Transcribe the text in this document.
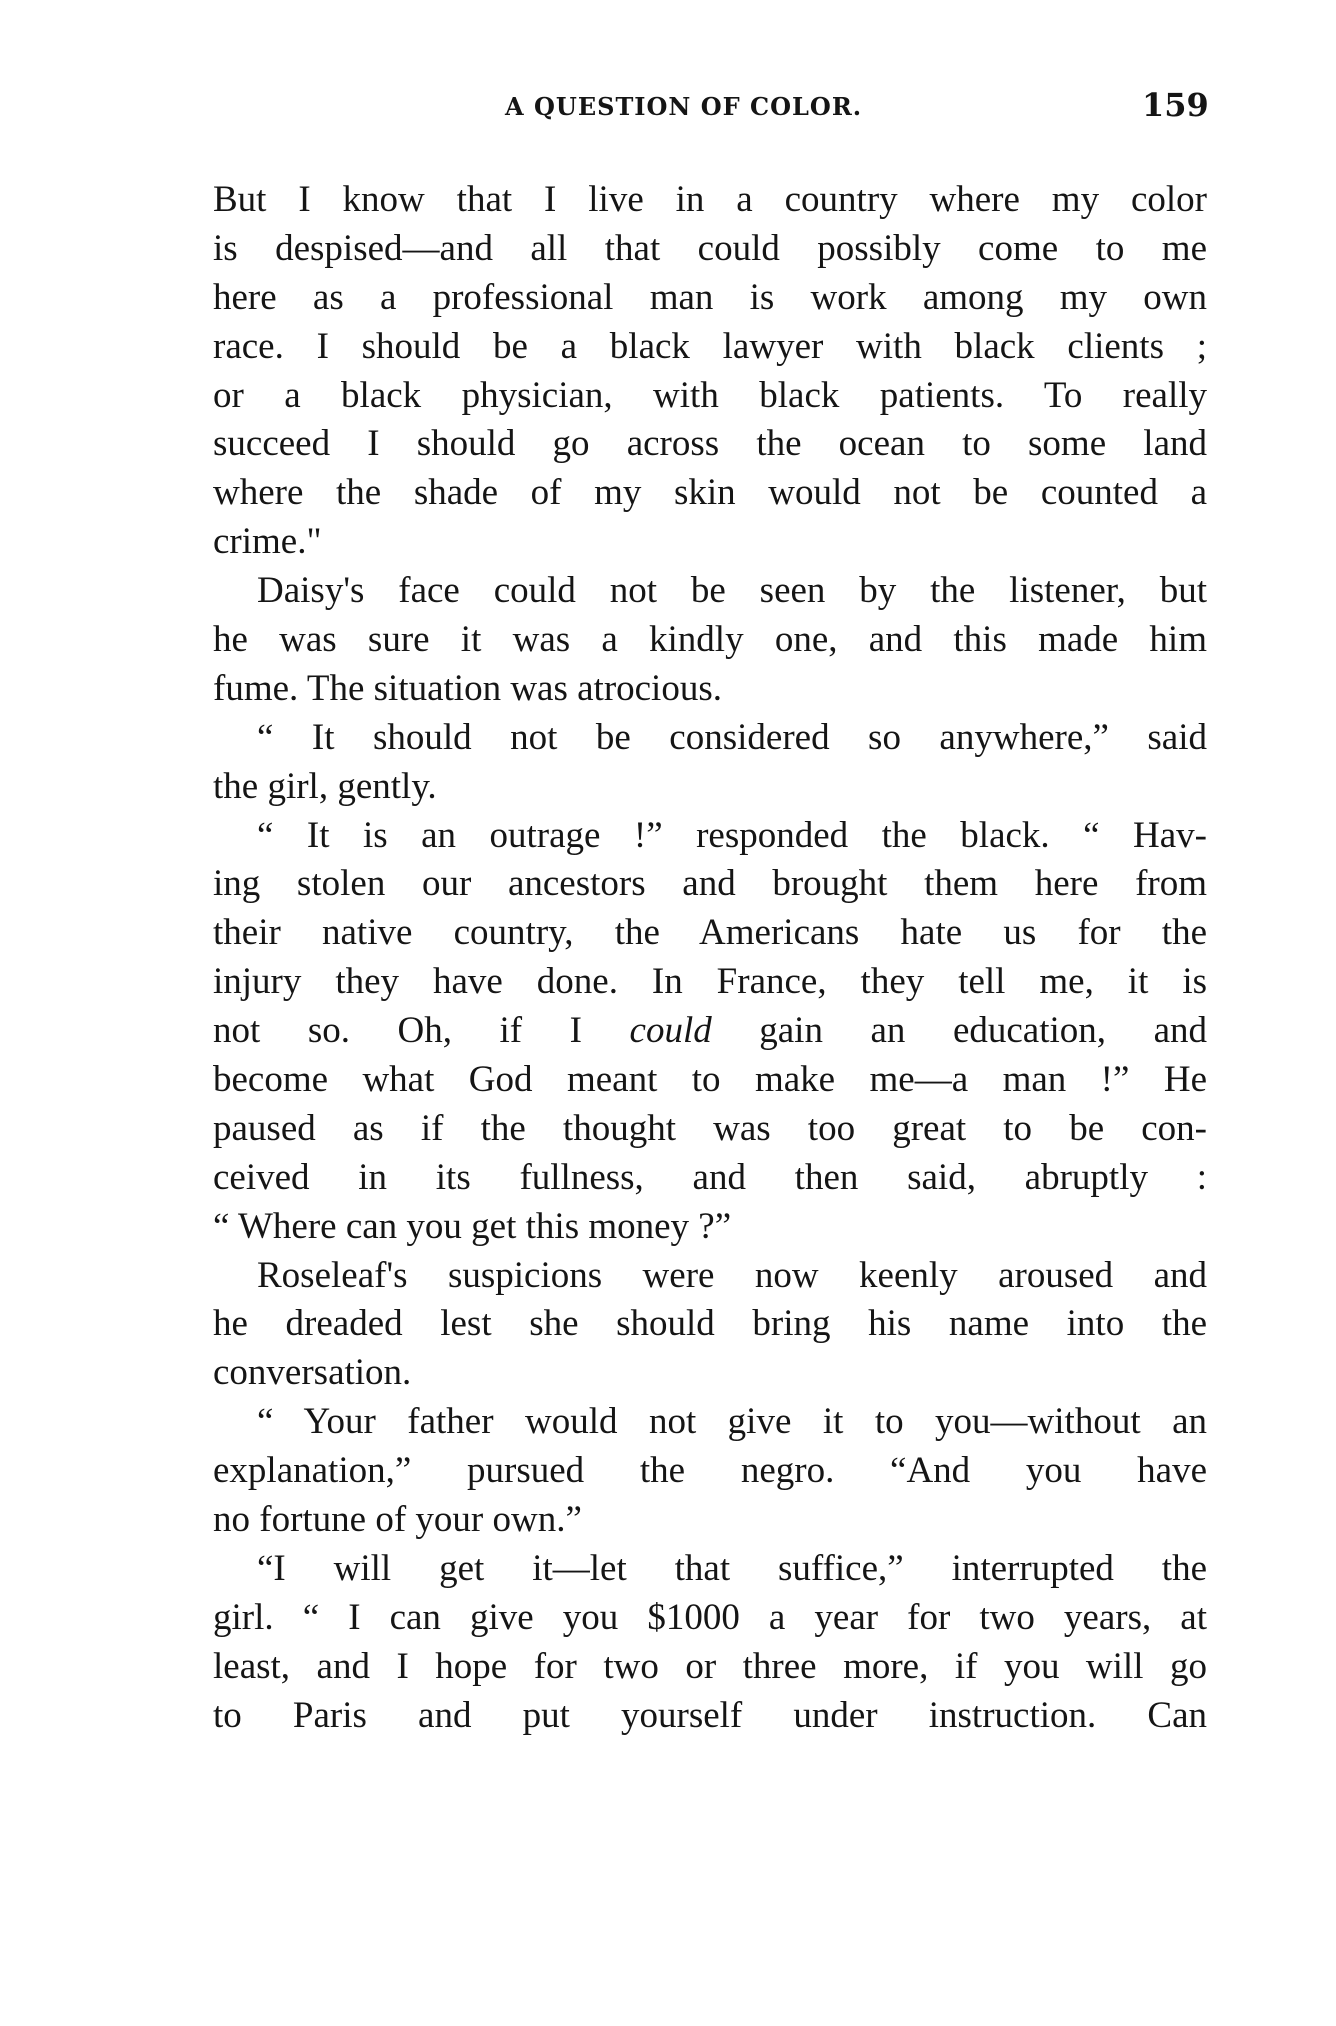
A QUESTION OF COLOR.	159
But I know that I live in a country where my color
is despised—and all that could possibly come to me
here as a professional man is work among my own
race. I should be a black lawyer with black clients ;
or a black physician, with black patients. To really
succeed I should go across the ocean to some land
where the shade of my skin would not be counted a
crime."
Daisy's face could not be seen by the listener, but
he was sure it was a kindly one, and this made him
fume. The situation was atrocious.
“ It should not be considered so anywhere,” said
the girl, gently.
“ It is an outrage !” responded the black. “ Hav-
ing stolen our ancestors and brought them here from
their native country, the Americans hate us for the
injury they have done. In France, they tell me, it is
not so. Oh, if I could gain an education, and
become what God meant to make me—a man !” He
paused as if the thought was too great to be con-
ceived in its fullness, and then said, abruptly :
“ Where can you get this money ?”
Roseleaf's suspicions were now keenly aroused and
he dreaded lest she should bring his name into the
conversation.
“ Your father would not give it to you—without an
explanation,” pursued the negro. “And you have
no fortune of your own.”
“I will get it—let that suffice,” interrupted the
girl. “ I can give you $1000 a year for two years, at
least, and I hope for two or three more, if you will go
to Paris and put yourself under instruction. Can
